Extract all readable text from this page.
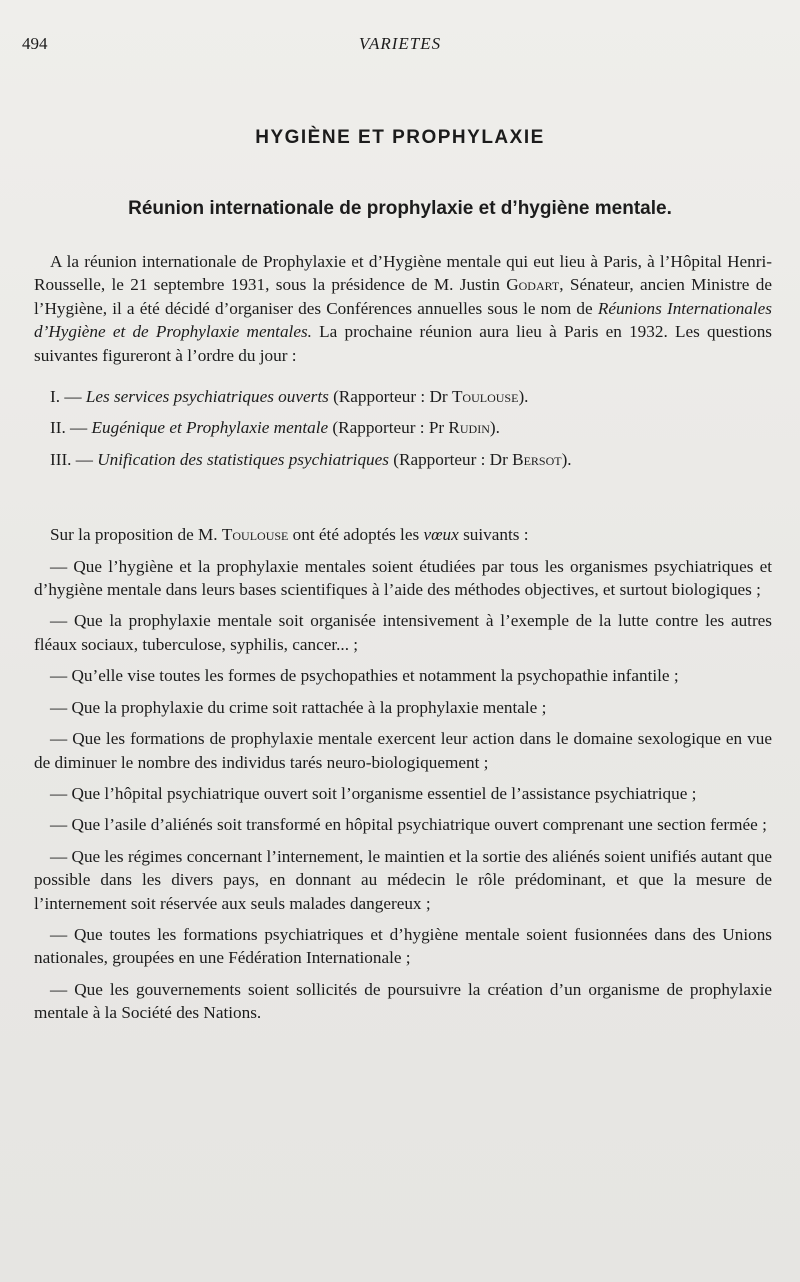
494	VARIETES
HYGIÈNE ET PROPHYLAXIE
Réunion internationale de prophylaxie et d’hygiène mentale.

A la réunion internationale de Prophylaxie et d’Hygiène mentale qui eut lieu à Paris, à l’Hôpital Henri-Rousselle, le 21 septembre 1931, sous la présidence de M. Justin Godart, Sénateur, ancien Ministre de l’Hygiène, il a été décidé d’organiser des Conférences annuelles sous le nom de Réunions Internationales d’Hygiène et de Prophylaxie mentales. La prochaine réunion aura lieu à Paris en 1932. Les questions suivantes figureront à l’ordre du jour :

I. — Les services psychiatriques ouverts (Rapporteur : Dr Toulouse).

II. — Eugénique et Prophylaxie mentale (Rapporteur : Pr Rudin).

III. — Unification des statistiques psychiatriques (Rapporteur : Dr Bersot).

Sur la proposition de M. Toulouse ont été adoptés les vœux suivants :

— Que l’hygiène et la prophylaxie mentales soient étudiées par tous les organismes psychiatriques et d’hygiène mentale dans leurs bases scientifiques à l’aide des méthodes objectives, et surtout biologiques ;

— Que la prophylaxie mentale soit organisée intensivement à l’exemple de la lutte contre les autres fléaux sociaux, tuberculose, syphilis, cancer... ;

— Qu’elle vise toutes les formes de psychopathies et notamment la psychopathie infantile ;

— Que la prophylaxie du crime soit rattachée à la prophylaxie mentale ;

— Que les formations de prophylaxie mentale exercent leur action dans le domaine sexologique en vue de diminuer le nombre des individus tarés neuro-biologiquement ;

— Que l’hôpital psychiatrique ouvert soit l’organisme essentiel de l’assistance psychiatrique ;

— Que l’asile d’aliénés soit transformé en hôpital psychiatrique ouvert comprenant une section fermée ;

— Que les régimes concernant l’internement, le maintien et la sortie des aliénés soient unifiés autant que possible dans les divers pays, en donnant au médecin le rôle prédominant, et que la mesure de l’internement soit réservée aux seuls malades dangereux ;

— Que toutes les formations psychiatriques et d’hygiène mentale soient fusionnées dans des Unions nationales, groupées en une Fédération Internationale ;

— Que les gouvernements soient sollicités de poursuivre la création d’un organisme de prophylaxie mentale à la Société des Nations.
